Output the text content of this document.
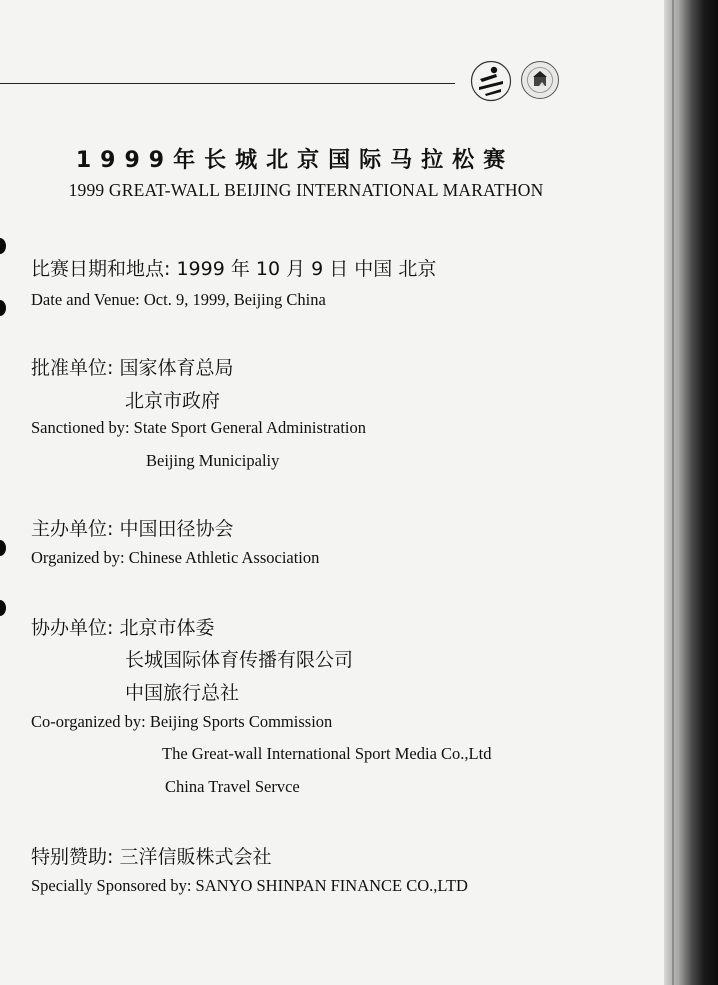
1999年长城北京国际马拉松赛
1999 GREAT-WALL BEIJING INTERNATIONAL MARATHON
比赛日期和地点: 1999 年 10 月 9 日 中国 北京
Date and Venue: Oct. 9, 1999, Beijing China
批准单位: 国家体育总局
北京市政府
Sanctioned by: State Sport General Administration
Beijing Municipaliy
主办单位: 中国田径协会
Organized by: Chinese Athletic Association
协办单位: 北京市体委
长城国际体育传播有限公司
中国旅行总社
Co-organized by: Beijing Sports Commission
The Great-wall International Sport Media Co.,Ltd
China Travel Servce
特别赞助: 三洋信販株式会社
Specially Sponsored by: SANYO SHINPAN FINANCE CO.,LTD
